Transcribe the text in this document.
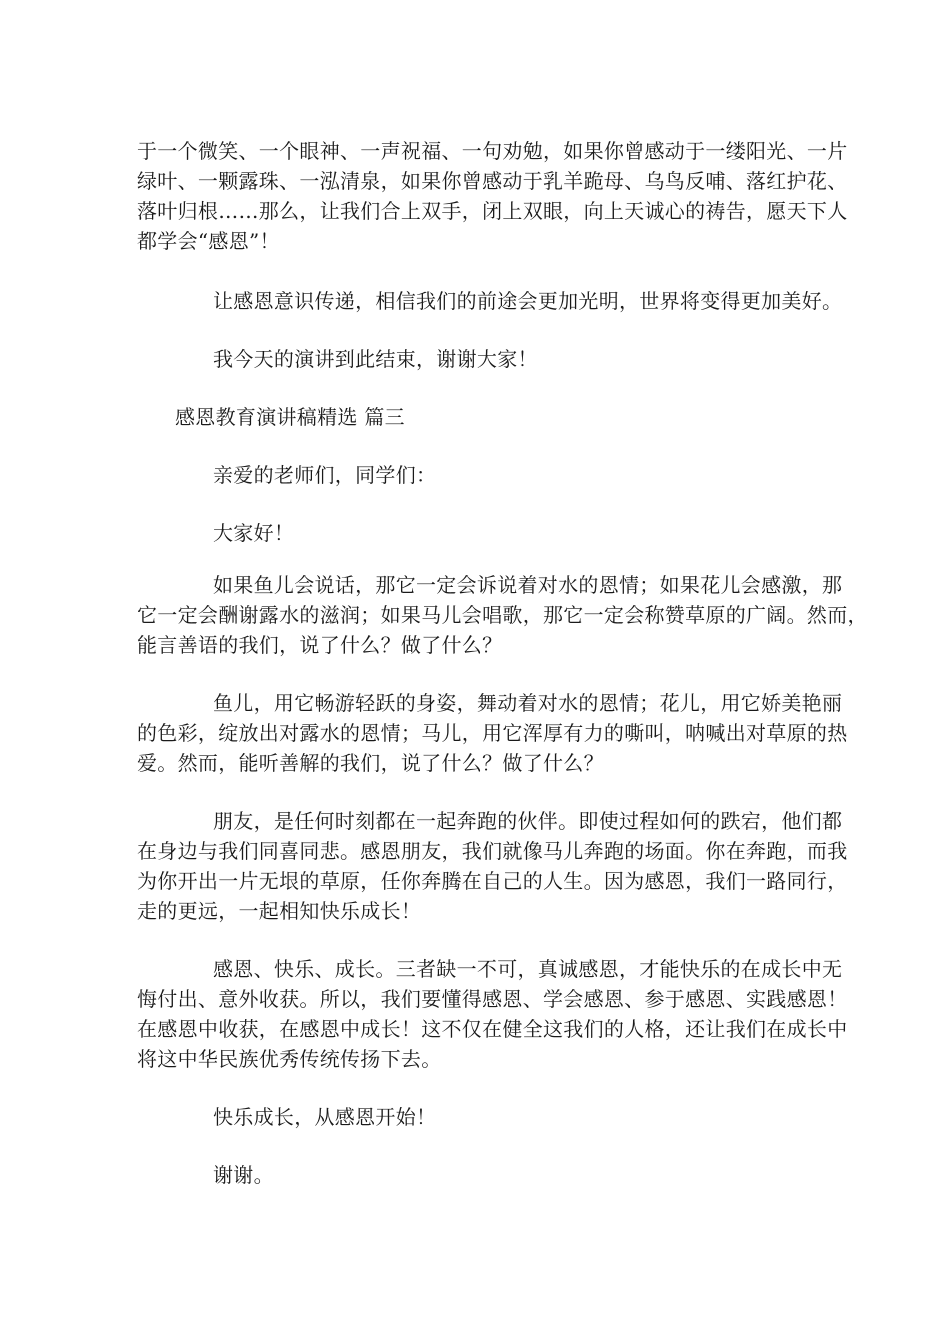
于一个微笑、一个眼神、一声祝福、一句劝勉，如果你曾感动于一缕阳光、一片
绿叶、一颗露珠、一泓清泉，如果你曾感动于乳羊跪母、乌鸟反哺、落红护花、
落叶归根……那么，让我们合上双手，闭上双眼，向上天诚心的祷告，愿天下人
都学会“感恩”！

让感恩意识传递，相信我们的前途会更加光明，世界将变得更加美好。

我今天的演讲到此结束，谢谢大家！

感恩教育演讲稿精选 篇三

亲爱的老师们，同学们：

大家好！

如果鱼儿会说话，那它一定会诉说着对水的恩情；如果花儿会感激，那
它一定会酬谢露水的滋润；如果马儿会唱歌，那它一定会称赞草原的广阔。然而，
能言善语的我们，说了什么？做了什么？

鱼儿，用它畅游轻跃的身姿，舞动着对水的恩情；花儿，用它娇美艳丽
的色彩，绽放出对露水的恩情；马儿，用它浑厚有力的嘶叫，呐喊出对草原的热
爱。然而，能听善解的我们，说了什么？做了什么？

朋友，是任何时刻都在一起奔跑的伙伴。即使过程如何的跌宕，他们都
在身边与我们同喜同悲。感恩朋友，我们就像马儿奔跑的场面。你在奔跑，而我
为你开出一片无垠的草原，任你奔腾在自己的人生。因为感恩，我们一路同行，
走的更远，一起相知快乐成长！

感恩、快乐、成长。三者缺一不可，真诚感恩，才能快乐的在成长中无
悔付出、意外收获。所以，我们要懂得感恩、学会感恩、参于感恩、实践感恩！
在感恩中收获，在感恩中成长！这不仅在健全这我们的人格，还让我们在成长中
将这中华民族优秀传统传扬下去。

快乐成长，从感恩开始！

谢谢。
